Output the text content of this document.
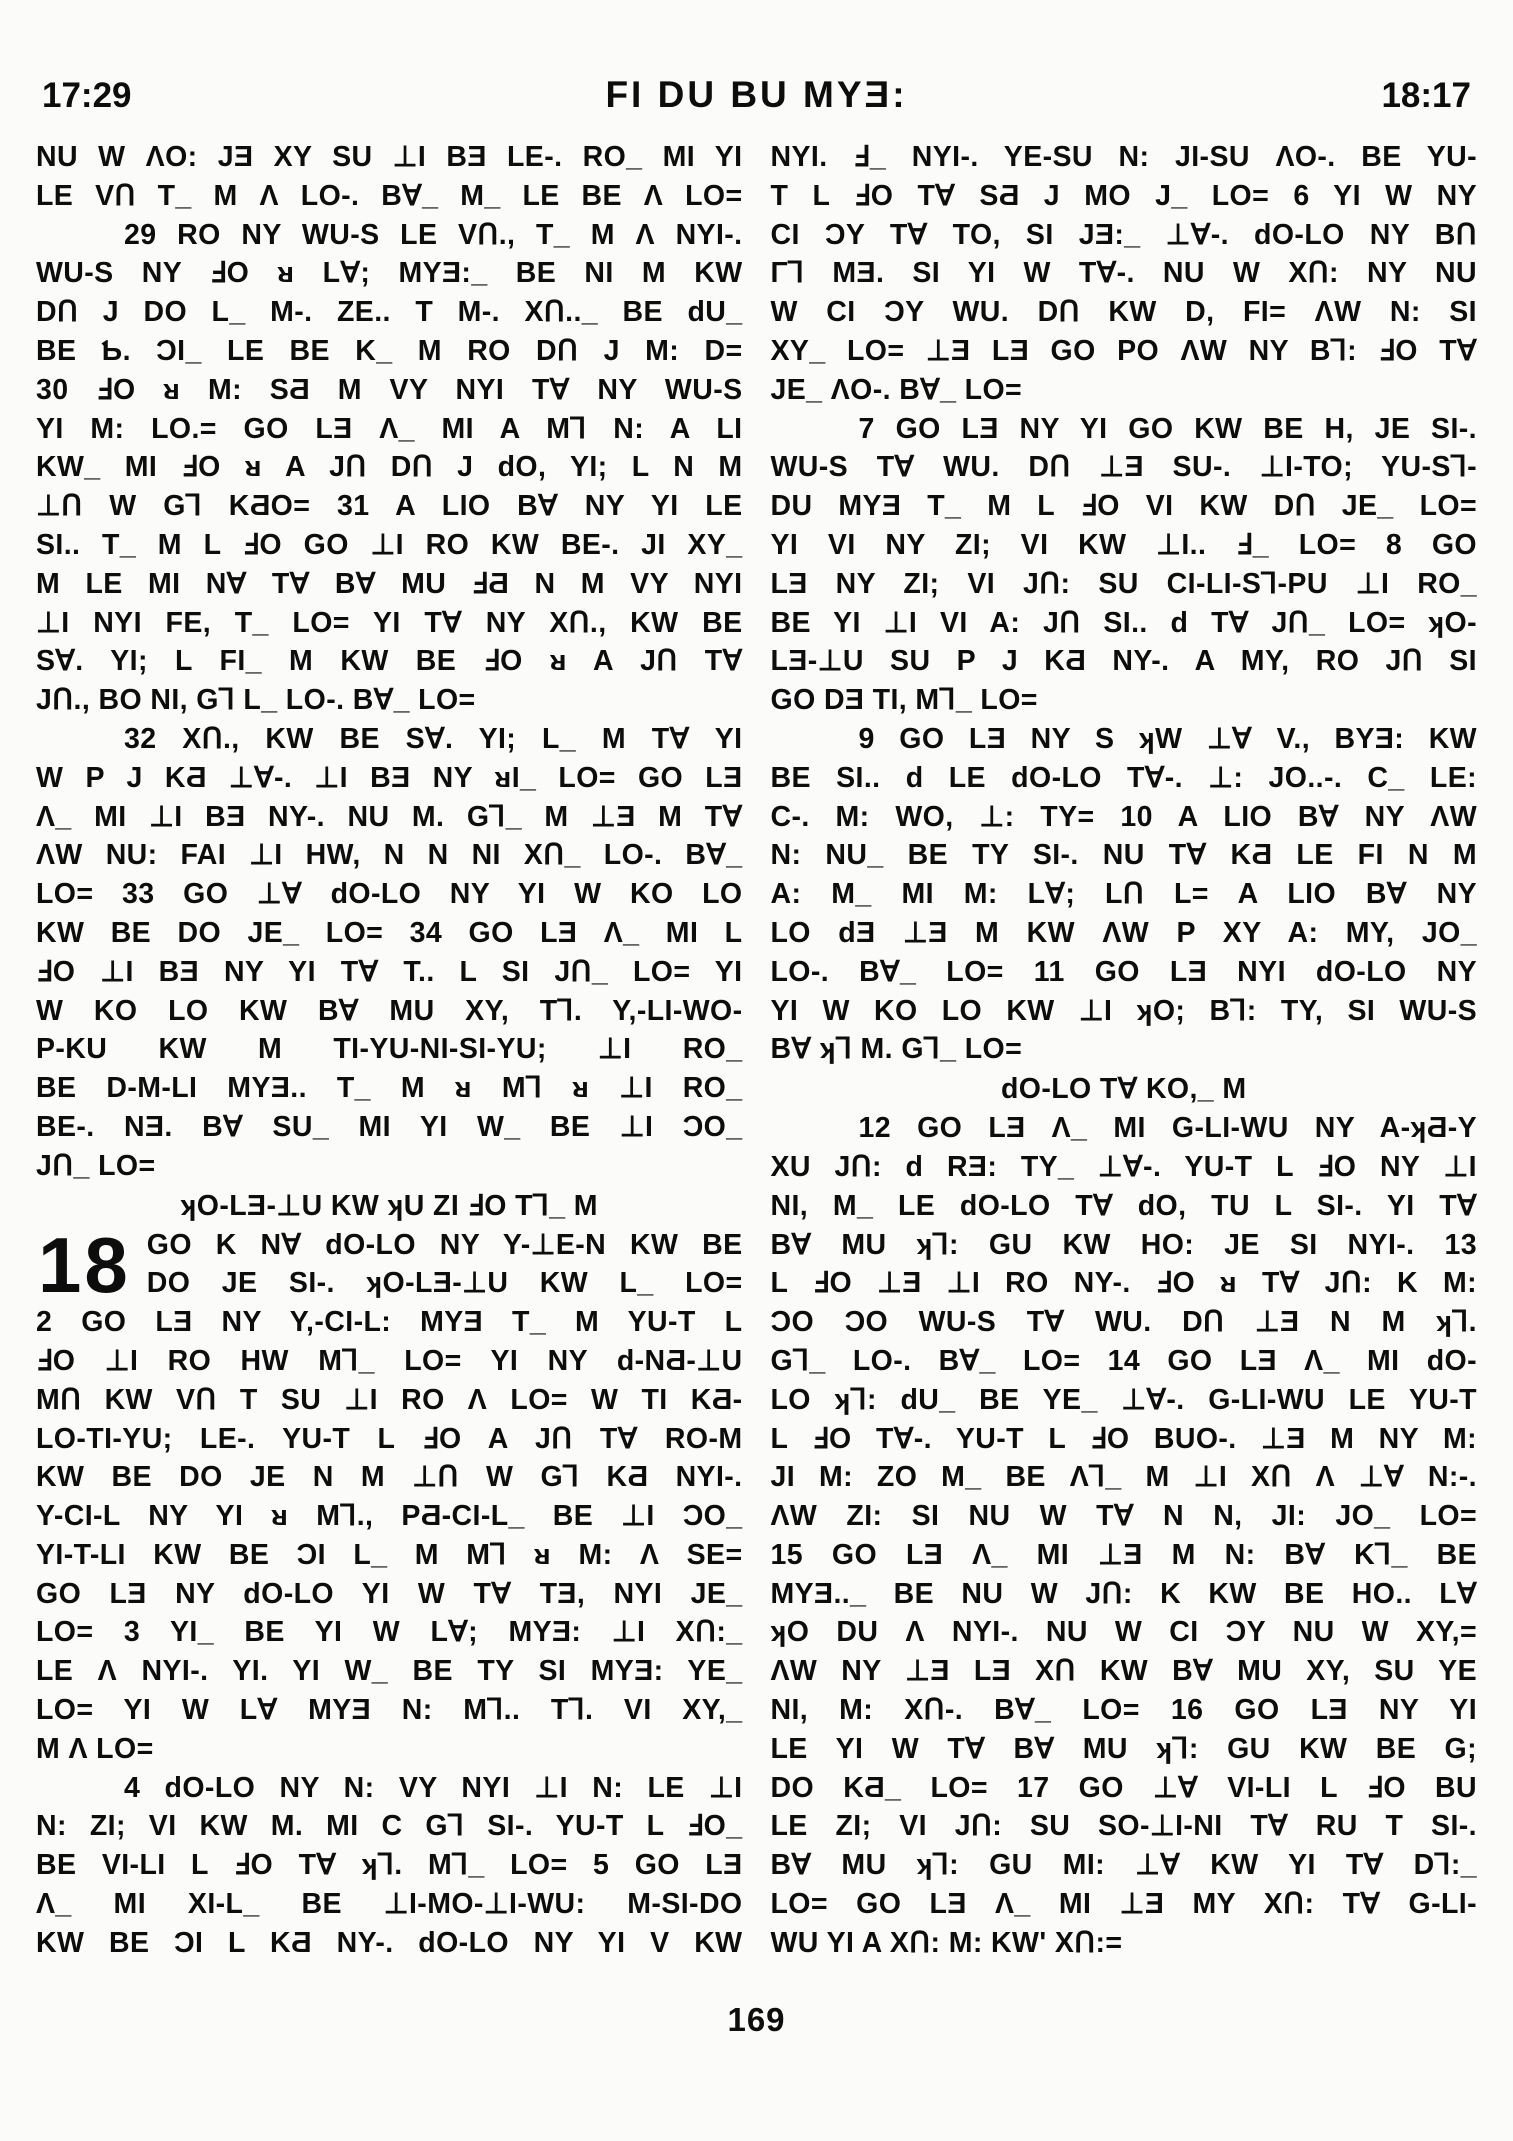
17:29	FI DU BU MYƎ:	18:17
NU W ΛO: JƎ XY SU ⊥I BƎ LE-. RO_ MI YI
LE VՈ T_ M Λ LO-. B∀_ M_ LE BE Λ LO=
29 RO NY WU-S LE VՈ., T_ M Λ NYI-.
WU-S NY ℲO ᴚ L∀; MYƎ:_ BE NI M KW
DՈ J DO L_ M-. ZE.. T M-. XՈ.._ BE dU_
BE Ƅ. ƆI_ LE BE K_ M RO DՈ J M: D=
30 ℲO ᴚ M: SƋ M VY NYI T∀ NY WU-S
YI M: LO.= GO LƎ Λ_ MI A M⅂ N: A LI
KW_ MI ℲO ᴚ A JՈ DՈ J dO, YI; L N M
⊥Ո W G⅂ KƋO= 31 A LIO B∀ NY YI LE
SI.. T_ M L ℲO GO ⊥I RO KW BE-. JI XY_
M LE MI N∀ T∀ B∀ MU ℲƋ N M VY NYI
⊥I NYI FE, T_ LO= YI T∀ NY XՈ., KW BE
S∀. YI; L FI_ M KW BE ℲO ᴚ A JՈ T∀
JՈ., BO NI, G⅂ L_ LO-. B∀_ LO=
32 XՈ., KW BE S∀. YI; L_ M T∀ YI
W P J KƋ ⊥∀-. ⊥I BƎ NY ᴚI_ LO= GO LƎ
Λ_ MI ⊥I BƎ NY-. NU M. G⅂_ M ⊥Ǝ M T∀
ΛW NU: FAI ⊥I HW, N N NI XՈ_ LO-. B∀_
LO= 33 GO ⊥∀ dO-LO NY YI W KO LO
KW BE DO JE_ LO= 34 GO LƎ Λ_ MI L
ℲO ⊥I BƎ NY YI T∀ T.. L SI JՈ_ LO= YI
W KO LO KW B∀ MU XY, T⅂. Y,-LI-WO-
P-KU KW M TI-YU-NI-SI-YU; ⊥I RO_
BE D-M-LI MYƎ.. T_ M ᴚ M⅂ ᴚ ⊥I RO_
BE-. NƎ. B∀ SU_ MI YI W_ BE ⊥I ƆO_
JՈ_ LO=
ʞO-LƎ-⊥U KW ʞU ZI ℲO T⅂_ M
18 GO K N∀ dO-LO NY Y-⊥E-N KW BE
DO JE SI-. ʞO-LƎ-⊥U KW L_ LO=
2 GO LƎ NY Y,-CI-L: MYƎ T_ M YU-T L
ℲO ⊥I RO HW M⅂_ LO= YI NY d-NƋ-⊥U
MՈ KW VՈ T SU ⊥I RO Λ LO= W TI KƋ-
LO-TI-YU; LE-. YU-T L ℲO A JՈ T∀ RO-M
KW BE DO JE N M ⊥Ո W G⅂ KƋ NYI-.
Y-CI-L NY YI ᴚ M⅂., PƋ-CI-L_ BE ⊥I ƆO_
YI-T-LI KW BE ƆI L_ M M⅂ ᴚ M: Λ SE=
GO LƎ NY dO-LO YI W T∀ TƎ, NYI JE_
LO= 3 YI_ BE YI W L∀; MYƎ: ⊥I XՈ:_
LE Λ NYI-. YI. YI W_ BE TY SI MYƎ: YE_
LO= YI W L∀ MYƎ N: M⅂.. T⅂. VI XY,_
M Λ LO=
4 dO-LO NY N: VY NYI ⊥I N: LE ⊥I
N: ZI; VI KW M. MI C G⅂ SI-. YU-T L ℲO_
BE VI-LI L ℲO T∀ ʞ⅂. M⅂_ LO= 5 GO LƎ
Λ_ MI XI-L_ BE ⊥I-MO-⊥I-WU: M-SI-DO
KW BE ƆI L KƋ NY-. dO-LO NY YI V KW
NYI. Ⅎ_ NYI-. YE-SU N: JI-SU ΛO-. BE YU-
T L ℲO T∀ SƋ J MO J_ LO= 6 YI W NY
CI ƆY T∀ TO, SI JƎ:_ ⊥∀-. dO-LO NY BՈ
Γ⅂ MƎ. SI YI W T∀-. NU W XՈ: NY NU
W CI ƆY WU. DՈ KW D, FI= ΛW N: SI
XY_ LO= ⊥Ǝ LƎ GO PO ΛW NY B⅂: ℲO T∀
JE_ ΛO-. B∀_ LO=
7 GO LƎ NY YI GO KW BE H, JE SI-.
WU-S T∀ WU. DՈ ⊥Ǝ SU-. ⊥I-TO; YU-S⅂-
DU MYƎ T_ M L ℲO VI KW DՈ JE_ LO=
YI VI NY ZI; VI KW ⊥I.. Ⅎ_ LO= 8 GO
LƎ NY ZI; VI JՈ: SU CI-LI-S⅂-PU ⊥I RO_
BE YI ⊥I VI A: JՈ SI.. d T∀ JՈ_ LO= ʞO-
LƎ-⊥U SU P J KƋ NY-. A MY, RO JՈ SI
GO DƎ TI, M⅂_ LO=
9 GO LƎ NY S ʞW ⊥∀ V., BYƎ: KW
BE SI.. d LE dO-LO T∀-. ⊥: JO..-. C_ LE:
C-. M: WO, ⊥: TY= 10 A LIO B∀ NY ΛW
N: NU_ BE TY SI-. NU T∀ KƋ LE FI N M
A: M_ MI M: L∀; LՈ L= A LIO B∀ NY
LO dƎ ⊥Ǝ M KW ΛW P XY A: MY, JO_
LO-. B∀_ LO= 11 GO LƎ NYI dO-LO NY
YI W KO LO KW ⊥I ʞO; B⅂: TY, SI WU-S
B∀ ʞ⅂ M. G⅂_ LO=
dO-LO T∀ KO,_ M
12 GO LƎ Λ_ MI G-LI-WU NY A-ʞƋ-Y
XU JՈ: d RƎ: TY_ ⊥∀-. YU-T L ℲO NY ⊥I
NI, M_ LE dO-LO T∀ dO, TU L SI-. YI T∀
B∀ MU ʞ⅂: GU KW HO: JE SI NYI-. 13
L ℲO ⊥Ǝ ⊥I RO NY-. ℲO ᴚ T∀ JՈ: K M:
ƆO ƆO WU-S T∀ WU. DՈ ⊥Ǝ N M ʞ⅂.
G⅂_ LO-. B∀_ LO= 14 GO LƎ Λ_ MI dO-
LO ʞ⅂: dU_ BE YE_ ⊥∀-. G-LI-WU LE YU-T
L ℲO T∀-. YU-T L ℲO BUO-. ⊥Ǝ M NY M:
JI M: ZO M_ BE Λ⅂_ M ⊥I XՈ Λ ⊥∀ N:-.
ΛW ZI: SI NU W T∀ N N, JI: JO_ LO=
15 GO LƎ Λ_ MI ⊥Ǝ M N: B∀ K⅂_ BE
MYƎ.._ BE NU W JՈ: K KW BE HO.. L∀
ʞO DU Λ NYI-. NU W CI ƆY NU W XY,=
ΛW NY ⊥Ǝ LƎ XՈ KW B∀ MU XY, SU YE
NI, M: XՈ-. B∀_ LO= 16 GO LƎ NY YI
LE YI W T∀ B∀ MU ʞ⅂: GU KW BE G;
DO KƋ_ LO= 17 GO ⊥∀ VI-LI L ℲO BU
LE ZI; VI JՈ: SU SO-⊥I-NI T∀ RU T SI-.
B∀ MU ʞ⅂: GU MI: ⊥∀ KW YI T∀ D⅂:_
LO= GO LƎ Λ_ MI ⊥Ǝ MY XՈ: T∀ G-LI-
WU YI A XՈ: M: KW' XՈ:=
169
